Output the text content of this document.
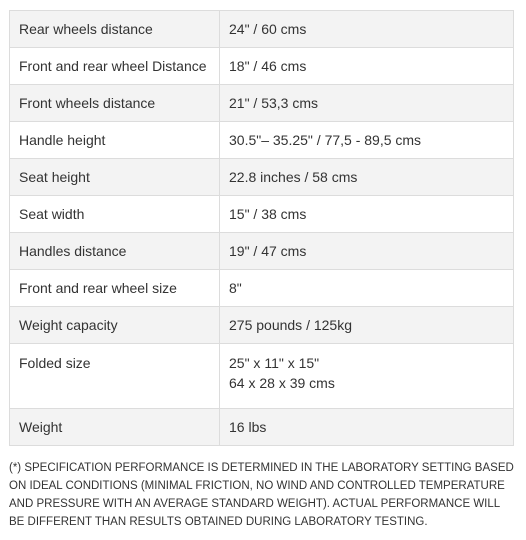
Rear wheels distance	24" / 60 cms

Front and rear wheel Distance	18" / 46 cms

Front wheels distance	21" / 53,3 cms

Handle height	30.5"– 35.25" / 77,5 - 89,5 cms

Seat height	22.8 inches / 58 cms

Seat width	15" / 38 cms

Handles distance	19" / 47 cms

Front and rear wheel size	8"

Weight capacity	275 pounds / 125kg

Folded size	25" x 11" x 15"
64 x 28 x 39 cms

Weight	16 lbs

(*) SPECIFICATION PERFORMANCE IS DETERMINED IN THE LABORATORY SETTING BASED ON IDEAL CONDITIONS (MINIMAL FRICTION, NO WIND AND CONTROLLED TEMPERATURE AND PRESSURE WITH AN AVERAGE STANDARD WEIGHT). ACTUAL PERFORMANCE WILL BE DIFFERENT THAN RESULTS OBTAINED DURING LABORATORY TESTING.
